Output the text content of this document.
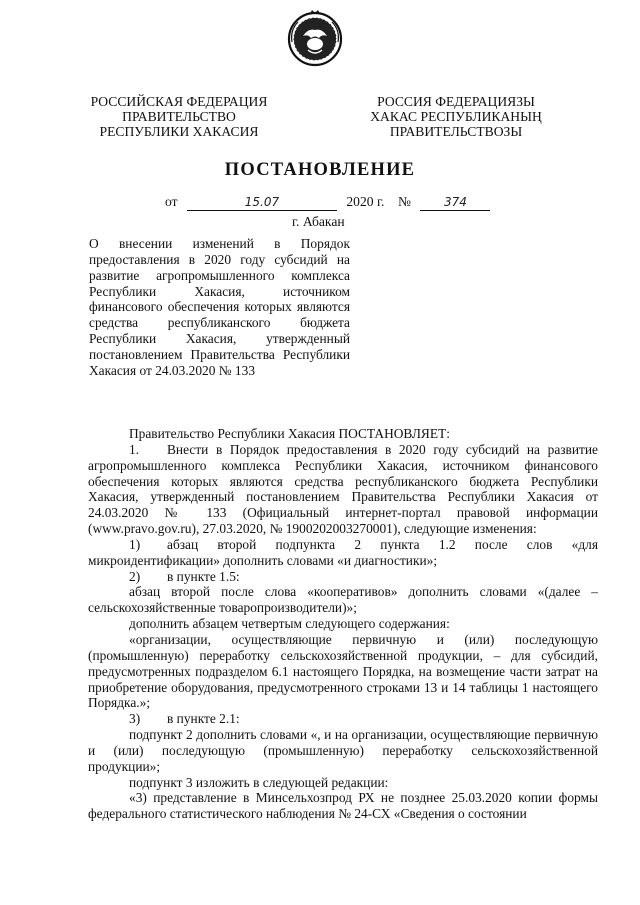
РОССИЙСКАЯ ФЕДЕРАЦИЯ
ПРАВИТЕЛЬСТВО
РЕСПУБЛИКИ ХАКАСИЯ
РОССИЯ ФЕДЕРАЦИЯЗЫ
ХАКАС РЕСПУБЛИКАНЫҢ
ПРАВИТЕЛЬСТВОЗЫ
ПОСТАНОВЛЕНИЕ
от	15.07	2020 г. №	374
г. Абакан
О внесении изменений в Порядок предоставления в 2020 году субсидий на развитие агропромышленного комплекса Республики Хакасия, источником финансового обеспечения которых являются средства республиканского бюджета Республики Хакасия, утвержденный постановлением Правительства Республики Хакасия от 24.03.2020 № 133

Правительство Республики Хакасия ПОСТАНОВЛЯЕТ:

1. Внести в Порядок предоставления в 2020 году субсидий на развитие агропромышленного комплекса Республики Хакасия, источником финансового обеспечения которых являются средства республиканского бюджета Республики Хакасия, утвержденный постановлением Правительства Республики Хакасия от 24.03.2020 № 133 (Официальный интернет-портал правовой информации (www.pravo.gov.ru), 27.03.2020, № 1900202003270001), следующие изменения:

1) абзац второй подпункта 2 пункта 1.2 после слов «для микроидентификации» дополнить словами «и диагностики»;

2) в пункте 1.5:

абзац второй после слова «кооперативов» дополнить словами «(далее – сельскохозяйственные товаропроизводители)»;

дополнить абзацем четвертым следующего содержания:

«организации, осуществляющие первичную и (или) последующую (промышленную) переработку сельскохозяйственной продукции, – для субсидий, предусмотренных подразделом 6.1 настоящего Порядка, на возмещение части затрат на приобретение оборудования, предусмотренного строками 13 и 14 таблицы 1 настоящего Порядка.»;

3) в пункте 2.1:

подпункт 2 дополнить словами «, и на организации, осуществляющие первичную и (или) последующую (промышленную) переработку сельскохозяйственной продукции»;

подпункт 3 изложить в следующей редакции:

«3) представление в Минсельхозпрод РХ не позднее 25.03.2020 копии формы федерального статистического наблюдения № 24-СХ «Сведения о состоянии
